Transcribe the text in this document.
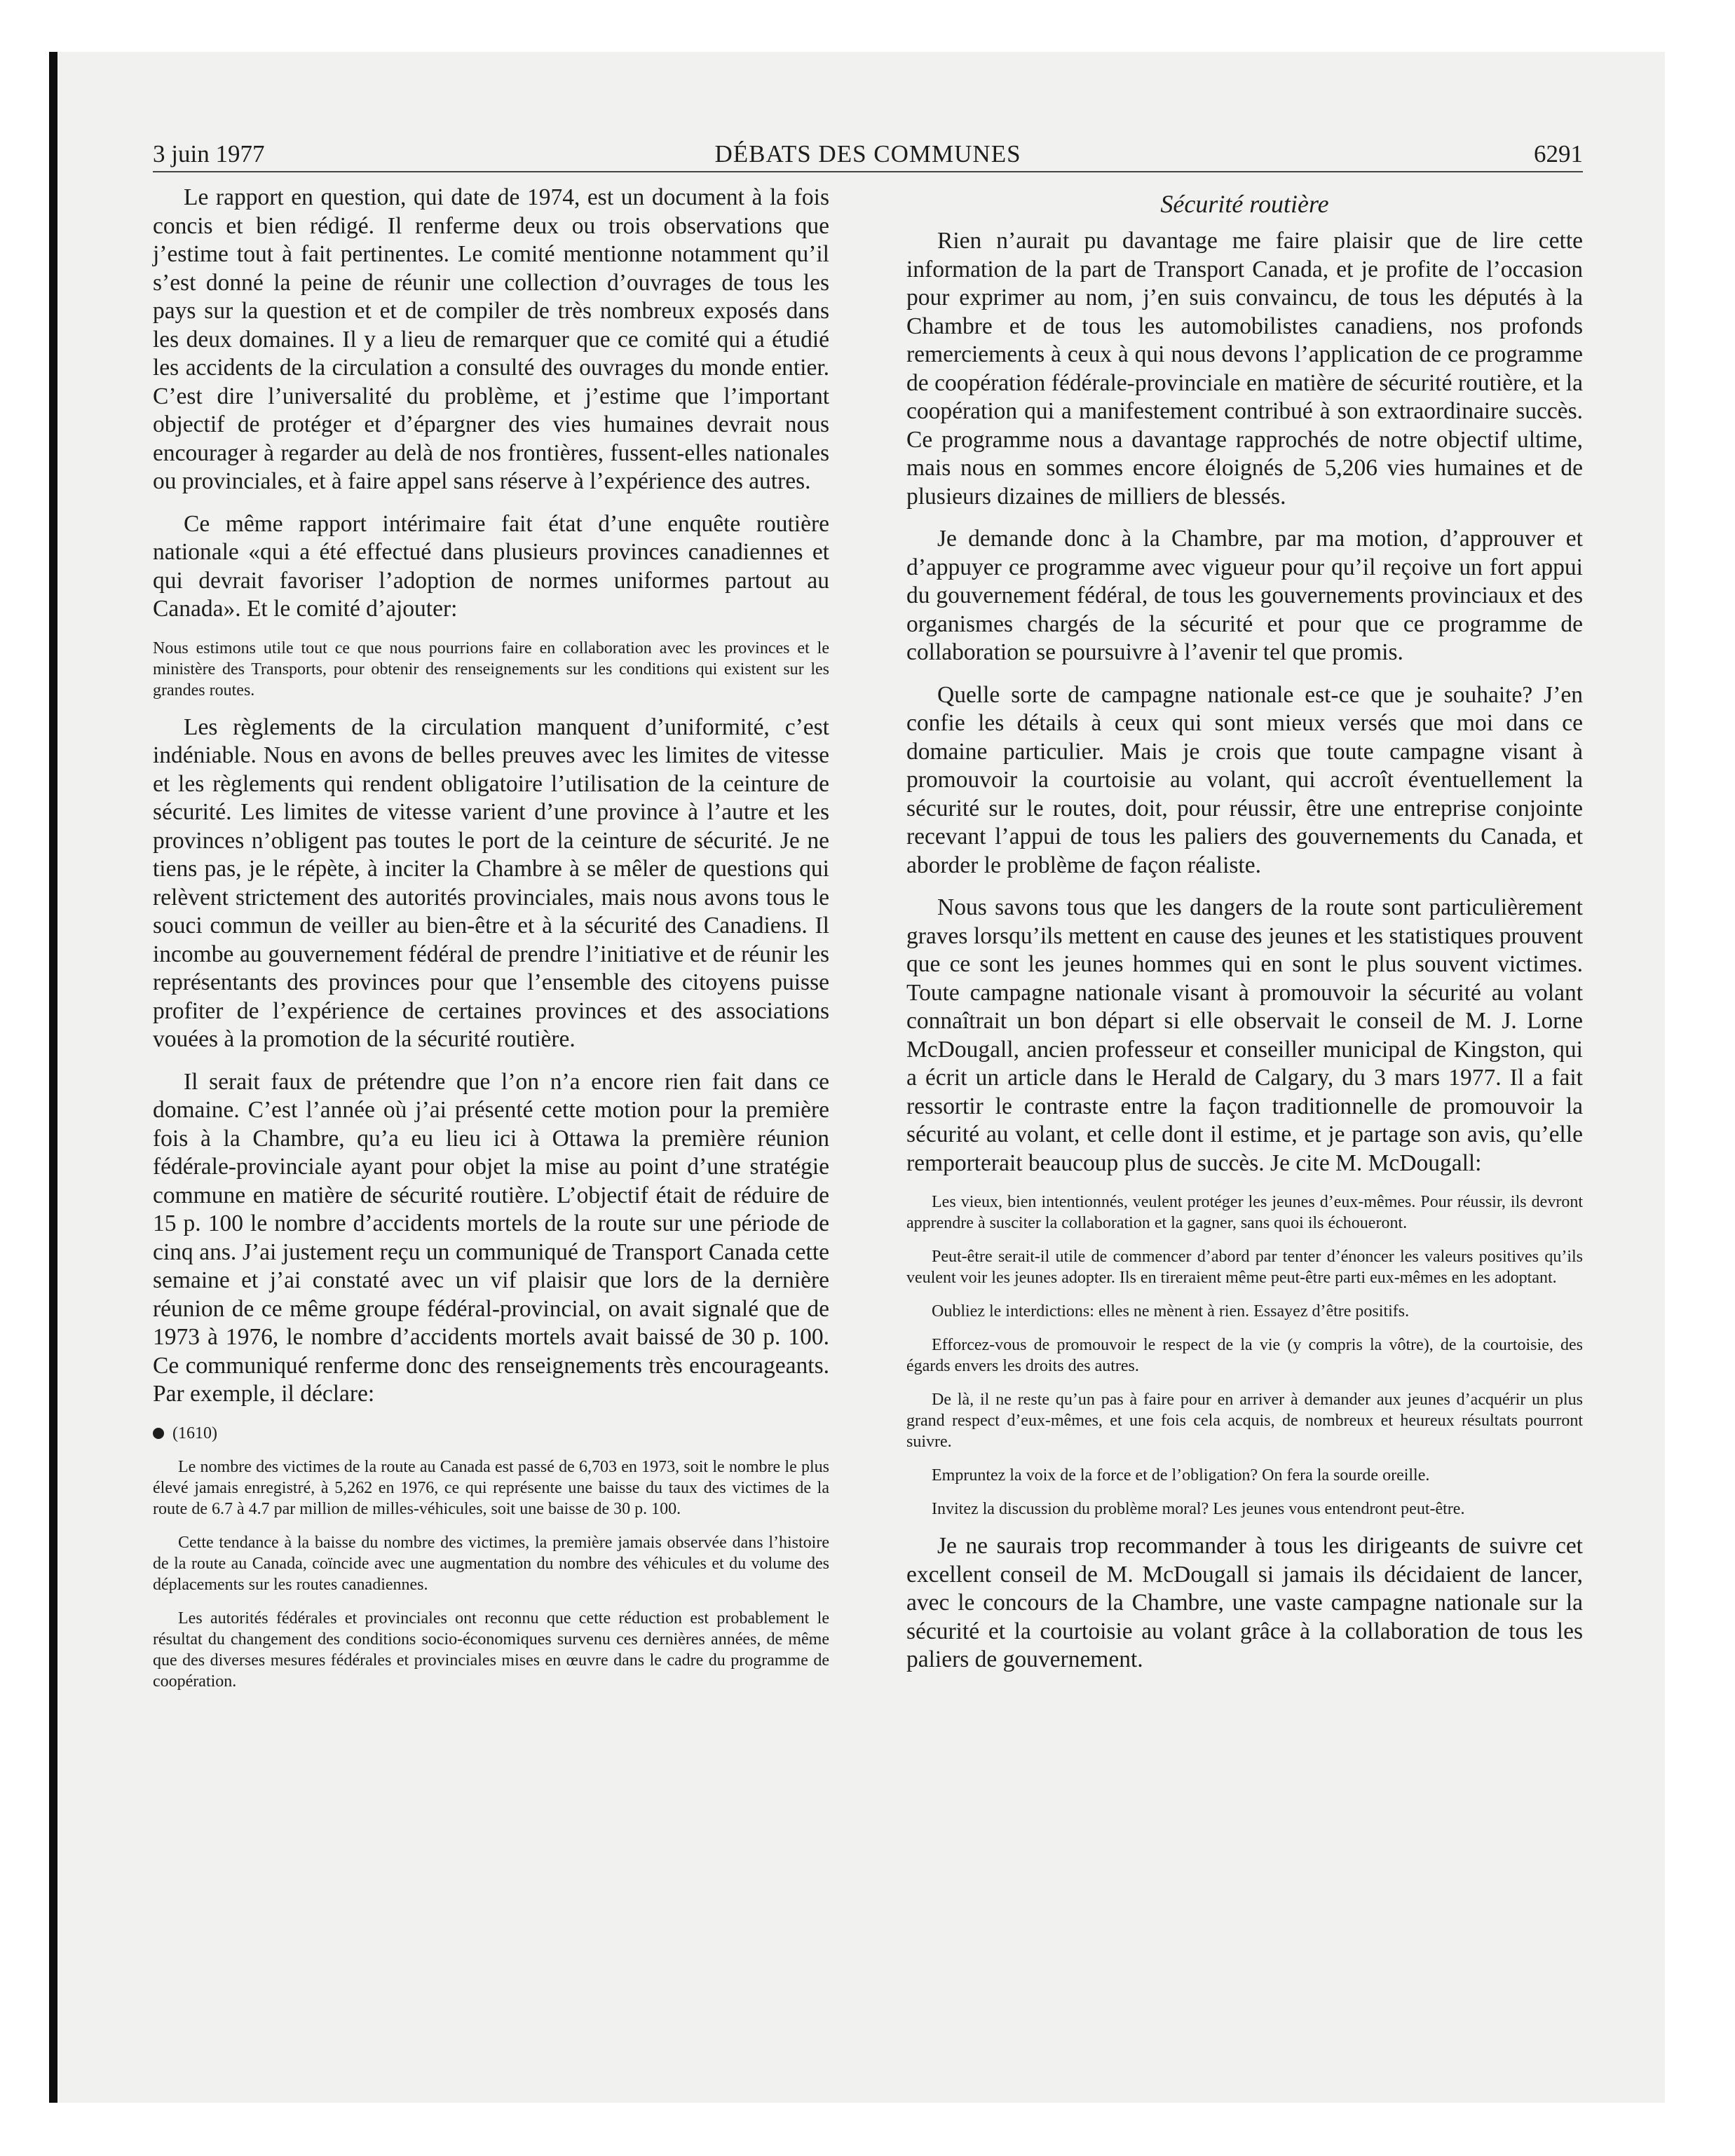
3 juin 1977	DÉBATS DES COMMUNES	6291

Le rapport en question, qui date de 1974, est un document à la fois concis et bien rédigé. Il renferme deux ou trois observations que j’estime tout à fait pertinentes. Le comité mentionne notamment qu’il s’est donné la peine de réunir une collection d’ouvrages de tous les pays sur la question et et de compiler de très nombreux exposés dans les deux domaines. Il y a lieu de remarquer que ce comité qui a étudié les accidents de la circulation a consulté des ouvrages du monde entier. C’est dire l’universalité du problème, et j’estime que l’important objectif de protéger et d’épargner des vies humaines devrait nous encourager à regarder au delà de nos frontières, fussent-elles nationales ou provinciales, et à faire appel sans réserve à l’expérience des autres.

Ce même rapport intérimaire fait état d’une enquête routière nationale «qui a été effectué dans plusieurs provinces canadiennes et qui devrait favoriser l’adoption de normes uniformes partout au Canada». Et le comité d’ajouter:

Nous estimons utile tout ce que nous pourrions faire en collaboration avec les provinces et le ministère des Transports, pour obtenir des renseignements sur les conditions qui existent sur les grandes routes.

Les règlements de la circulation manquent d’uniformité, c’est indéniable. Nous en avons de belles preuves avec les limites de vitesse et les règlements qui rendent obligatoire l’utilisation de la ceinture de sécurité. Les limites de vitesse varient d’une province à l’autre et les provinces n’obligent pas toutes le port de la ceinture de sécurité. Je ne tiens pas, je le répète, à inciter la Chambre à se mêler de questions qui relèvent strictement des autorités provinciales, mais nous avons tous le souci commun de veiller au bien-être et à la sécurité des Canadiens. Il incombe au gouvernement fédéral de prendre l’initiative et de réunir les représentants des provinces pour que l’ensemble des citoyens puisse profiter de l’expérience de certaines provinces et des associations vouées à la promotion de la sécurité routière.

Il serait faux de prétendre que l’on n’a encore rien fait dans ce domaine. C’est l’année où j’ai présenté cette motion pour la première fois à la Chambre, qu’a eu lieu ici à Ottawa la première réunion fédérale-provinciale ayant pour objet la mise au point d’une stratégie commune en matière de sécurité routière. L’objectif était de réduire de 15 p. 100 le nombre d’accidents mortels de la route sur une période de cinq ans. J’ai justement reçu un communiqué de Transport Canada cette semaine et j’ai constaté avec un vif plaisir que lors de la dernière réunion de ce même groupe fédéral-provincial, on avait signalé que de 1973 à 1976, le nombre d’accidents mortels avait baissé de 30 p. 100. Ce communiqué renferme donc des renseignements très encourageants. Par exemple, il déclare:

(1610)

Le nombre des victimes de la route au Canada est passé de 6,703 en 1973, soit le nombre le plus élevé jamais enregistré, à 5,262 en 1976, ce qui représente une baisse du taux des victimes de la route de 6.7 à 4.7 par million de milles-véhicules, soit une baisse de 30 p. 100.

Cette tendance à la baisse du nombre des victimes, la première jamais observée dans l’histoire de la route au Canada, coïncide avec une augmentation du nombre des véhicules et du volume des déplacements sur les routes canadiennes.

Les autorités fédérales et provinciales ont reconnu que cette réduction est probablement le résultat du changement des conditions socio-économiques survenu ces dernières années, de même que des diverses mesures fédérales et provinciales mises en œuvre dans le cadre du programme de coopération.

Sécurité routière

Rien n’aurait pu davantage me faire plaisir que de lire cette information de la part de Transport Canada, et je profite de l’occasion pour exprimer au nom, j’en suis convaincu, de tous les députés à la Chambre et de tous les automobilistes canadiens, nos profonds remerciements à ceux à qui nous devons l’application de ce programme de coopération fédérale-provinciale en matière de sécurité routière, et la coopération qui a manifestement contribué à son extraordinaire succès. Ce programme nous a davantage rapprochés de notre objectif ultime, mais nous en sommes encore éloignés de 5,206 vies humaines et de plusieurs dizaines de milliers de blessés.

Je demande donc à la Chambre, par ma motion, d’approuver et d’appuyer ce programme avec vigueur pour qu’il reçoive un fort appui du gouvernement fédéral, de tous les gouvernements provinciaux et des organismes chargés de la sécurité et pour que ce programme de collaboration se poursuivre à l’avenir tel que promis.

Quelle sorte de campagne nationale est-ce que je souhaite? J’en confie les détails à ceux qui sont mieux versés que moi dans ce domaine particulier. Mais je crois que toute campagne visant à promouvoir la courtoisie au volant, qui accroît éventuellement la sécurité sur le routes, doit, pour réussir, être une entreprise conjointe recevant l’appui de tous les paliers des gouvernements du Canada, et aborder le problème de façon réaliste.

Nous savons tous que les dangers de la route sont particulièrement graves lorsqu’ils mettent en cause des jeunes et les statistiques prouvent que ce sont les jeunes hommes qui en sont le plus souvent victimes. Toute campagne nationale visant à promouvoir la sécurité au volant connaîtrait un bon départ si elle observait le conseil de M. J. Lorne McDougall, ancien professeur et conseiller municipal de Kingston, qui a écrit un article dans le Herald de Calgary, du 3 mars 1977. Il a fait ressortir le contraste entre la façon traditionnelle de promouvoir la sécurité au volant, et celle dont il estime, et je partage son avis, qu’elle remporterait beaucoup plus de succès. Je cite M. McDougall:

Les vieux, bien intentionnés, veulent protéger les jeunes d’eux-mêmes. Pour réussir, ils devront apprendre à susciter la collaboration et la gagner, sans quoi ils échoueront.

Peut-être serait-il utile de commencer d’abord par tenter d’énoncer les valeurs positives qu’ils veulent voir les jeunes adopter. Ils en tireraient même peut-être parti eux-mêmes en les adoptant.

Oubliez le interdictions: elles ne mènent à rien. Essayez d’être positifs.

Efforcez-vous de promouvoir le respect de la vie (y compris la vôtre), de la courtoisie, des égards envers les droits des autres.

De là, il ne reste qu’un pas à faire pour en arriver à demander aux jeunes d’acquérir un plus grand respect d’eux-mêmes, et une fois cela acquis, de nombreux et heureux résultats pourront suivre.

Empruntez la voix de la force et de l’obligation? On fera la sourde oreille.

Invitez la discussion du problème moral? Les jeunes vous entendront peut-être.

Je ne saurais trop recommander à tous les dirigeants de suivre cet excellent conseil de M. McDougall si jamais ils décidaient de lancer, avec le concours de la Chambre, une vaste campagne nationale sur la sécurité et la courtoisie au volant grâce à la collaboration de tous les paliers de gouvernement.
